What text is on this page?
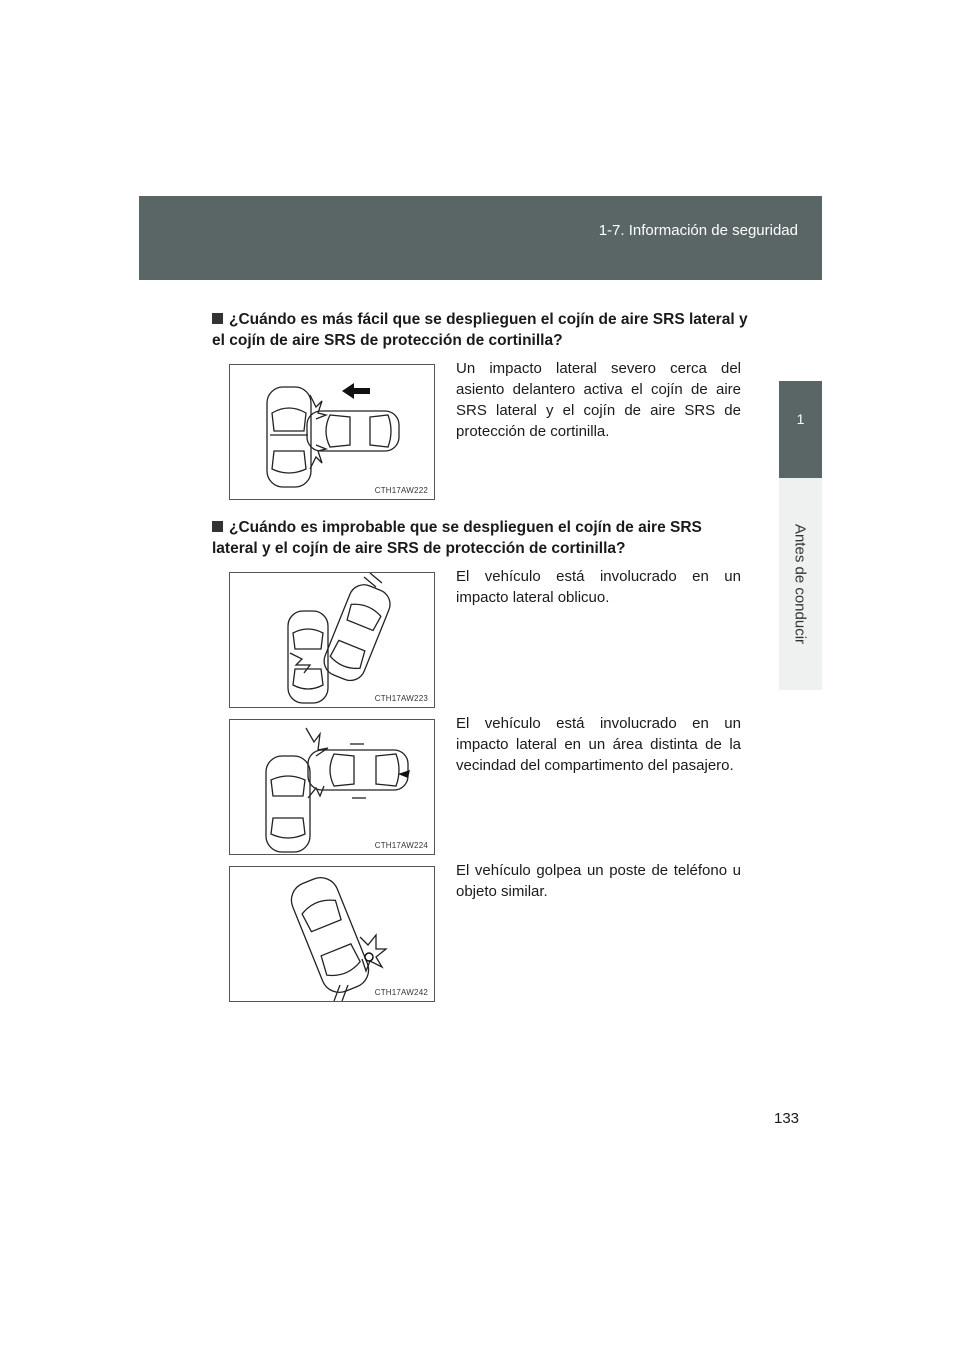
1-7. Información de seguridad
1
Antes de conducir
¿Cuándo es más fácil que se desplieguen el cojín de aire SRS lateral y el cojín de aire SRS de protección de cortinilla?
CTH17AW222
Un impacto lateral severo cerca del asiento delantero activa el cojín de aire SRS lateral y el cojín de aire SRS de protección de cortinilla.
¿Cuándo es improbable que se desplieguen el cojín de aire SRS lateral y el cojín de aire SRS de protección de cortinilla?
CTH17AW223
El vehículo está involucrado en un impacto lateral oblicuo.
CTH17AW224
El vehículo está involucrado en un impacto lateral en un área distinta de la vecindad del compartimento del pasajero.
CTH17AW242
El vehículo golpea un poste de teléfono u objeto similar.
133
